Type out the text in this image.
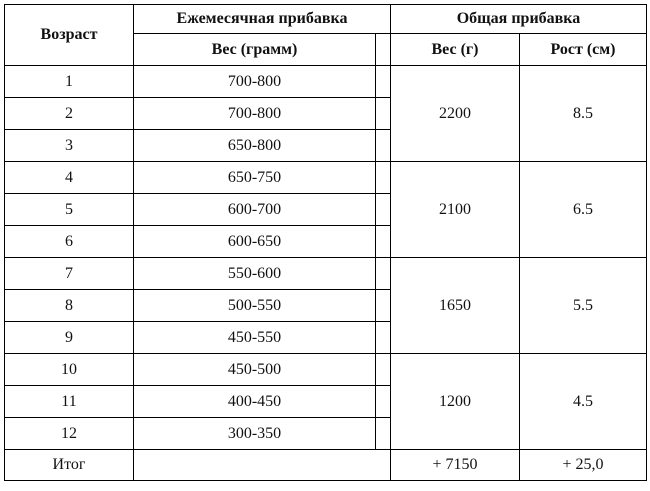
Возраст	Ежемесячная прибавка		Общая прибавка	
	Вес (грамм)		Вес (г)	Рост (см)
1	700-800		2200	8.5
2	700-800			
3	650-800			
4	650-750		2100	6.5
5	600-700			
6	600-650			
7	550-600		1650	5.5
8	500-550			
9	450-550			
10	450-500		1200	4.5
11	400-450			
12	300-350			
Итог			+ 7150	+ 25,0
